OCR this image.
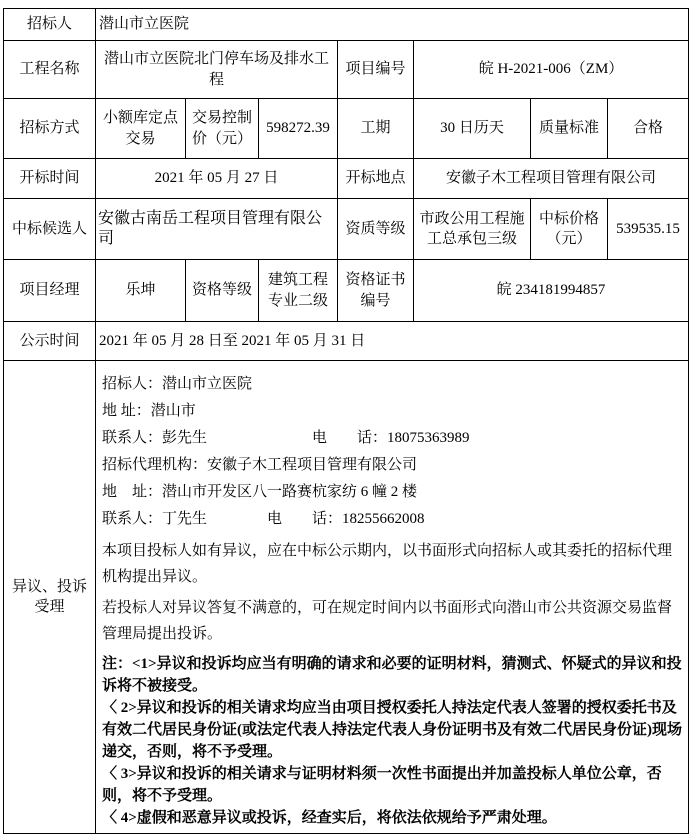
招标人	潜山市立医院						
工程名称	潜山市立医院北门停车场及排水工程			项目编号	皖 H-2021-006（ZM）		
招标方式	小额库定点交易	交易控制价（元）	598272.39	工期	30 日历天	质量标准	合格
开标时间	2021 年 05 月 27 日			开标地点	安徽子木工程项目管理有限公司		
中标候选人	安徽古南岳工程项目管理有限公司			资质等级	市政公用工程施工总承包三级	中标价格（元）	539535.15
项目经理	乐坤	资格等级	建筑工程专业二级	资格证书编号	皖 234181994857		
公示时间	2021 年 05 月 28 日至 2021 年 05 月 31 日						
异议、投诉受理	
招标人：潜山市立医院
地 址：潜山市
联系人：彭先生　　　　　　　电　　话：18075363989
招标代理机构：安徽子木工程项目管理有限公司
地　址：潜山市开发区八一路赛杭家纺 6 幢 2 楼
联系人：丁先生　　　　电　　话：18255662008
本项目投标人如有异议，应在中标公示期内，以书面形式向招标人或其委托的招标代理机构提出异议。
若投标人对异议答复不满意的，可在规定时间内以书面形式向潜山市公共资源交易监督管理局提出投诉。
注：<1>异议和投诉均应当有明确的请求和必要的证明材料，猜测式、怀疑式的异议和投诉将不被接受。
〈 2>异议和投诉的相关请求均应当由项目授权委托人持法定代表人签署的授权委托书及有效二代居民身份证(或法定代表人持法定代表人身份证明书及有效二代居民身份证)现场递交，否则，将不予受理。
〈 3>异议和投诉的相关请求与证明材料须一次性书面提出并加盖投标人单位公章，否则，将不予受理。
〈 4>虚假和恶意异议或投诉，经查实后，将依法依规给予严肃处理。
